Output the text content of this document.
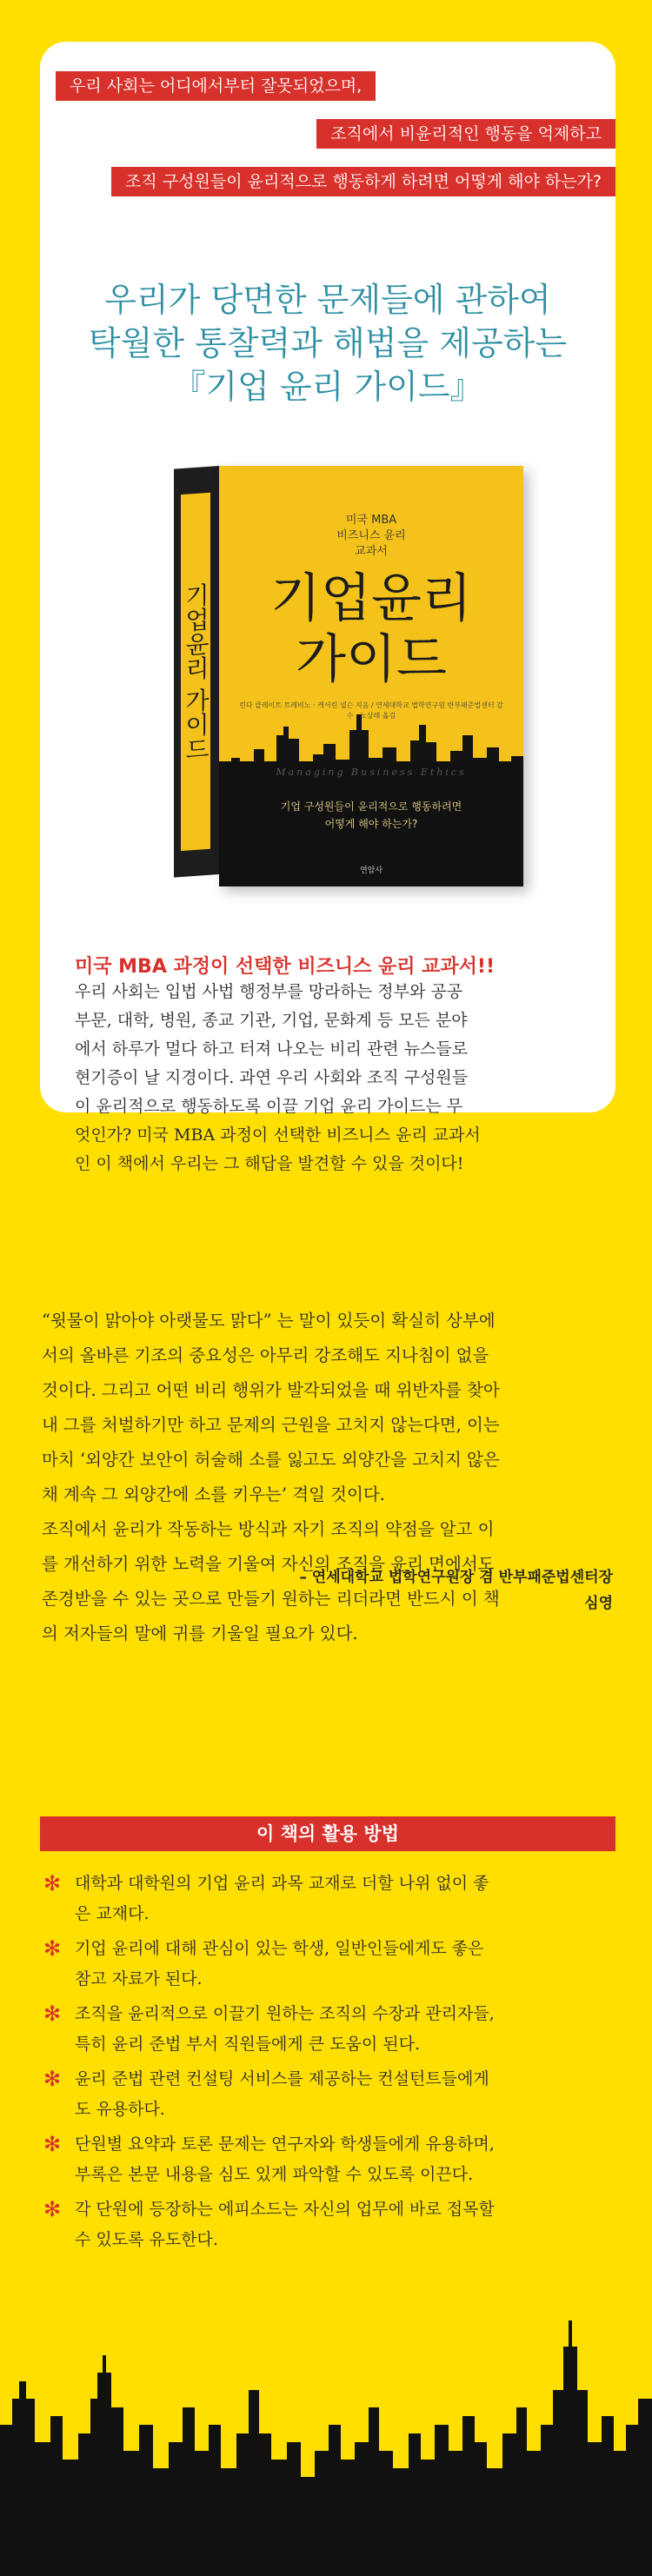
우리 사회는 어디에서부터 잘못되었으며,
조직에서 비윤리적인 행동을 억제하고
조직 구성원들이 윤리적으로 행동하게 하려면 어떻게 해야 하는가?
우리가 당면한 문제들에 관하여
탁월한 통찰력과 해법을 제공하는
『기업 윤리 가이드』
기업윤리 가이드
미국 MBA
비즈니스 윤리
교과서
기업윤리
가이드
린다 클레이트 트레비노 · 캐서린 넬슨 지음 / 연세대학교 법학연구원 반부패준법센터 감수 · 노상래 옮김
Managing Business Ethics
기업 구성원들이 윤리적으로 행동하려면
어떻게 해야 하는가?
연암사
미국 MBA 과정이 선택한 비즈니스 윤리 교과서!!
우리 사회는 입법 사법 행정부를 망라하는 정부와 공공
부문, 대학, 병원, 종교 기관, 기업, 문화계 등 모든 분야
에서 하루가 멀다 하고 터져 나오는 비리 관련 뉴스들로
현기증이 날 지경이다. 과연 우리 사회와 조직 구성원들
이 윤리적으로 행동하도록 이끌 기업 윤리 가이드는 무
엇인가? 미국 MBA 과정이 선택한 비즈니스 윤리 교과서
인 이 책에서 우리는 그 해답을 발견할 수 있을 것이다!
“윗물이 맑아야 아랫물도 맑다” 는 말이 있듯이 확실히 상부에
서의 올바른 기조의 중요성은 아무리 강조해도 지나침이 없을
것이다. 그리고 어떤 비리 행위가 발각되었을 때 위반자를 찾아
내 그를 처벌하기만 하고 문제의 근원을 고치지 않는다면, 이는
마치 ‘외양간 보안이 허술해 소를 잃고도 외양간을 고치지 않은
채 계속 그 외양간에 소를 키우는’ 격일 것이다.
조직에서 윤리가 작동하는 방식과 자기 조직의 약점을 알고 이
를 개선하기 위한 노력을 기울여 자신의 조직을 윤리 면에서도
존경받을 수 있는 곳으로 만들기 원하는 리더라면 반드시 이 책
의 저자들의 말에 귀를 기울일 필요가 있다.
– 연세대학교 법학연구원장 겸 반부패준법센터장
심영
이 책의 활용 방법
✻ 대학과 대학원의 기업 윤리 과목 교재로 더할 나위 없이 좋
은 교재다.
✻ 기업 윤리에 대해 관심이 있는 학생, 일반인들에게도 좋은
참고 자료가 된다.
✻ 조직을 윤리적으로 이끌기 원하는 조직의 수장과 관리자들,
특히 윤리 준법 부서 직원들에게 큰 도움이 된다.
✻ 윤리 준법 관련 컨설팅 서비스를 제공하는 컨설턴트들에게
도 유용하다.
✻ 단원별 요약과 토론 문제는 연구자와 학생들에게 유용하며,
부록은 본문 내용을 심도 있게 파악할 수 있도록 이끈다.
✻ 각 단원에 등장하는 에피소드는 자신의 업무에 바로 접목할
수 있도록 유도한다.
